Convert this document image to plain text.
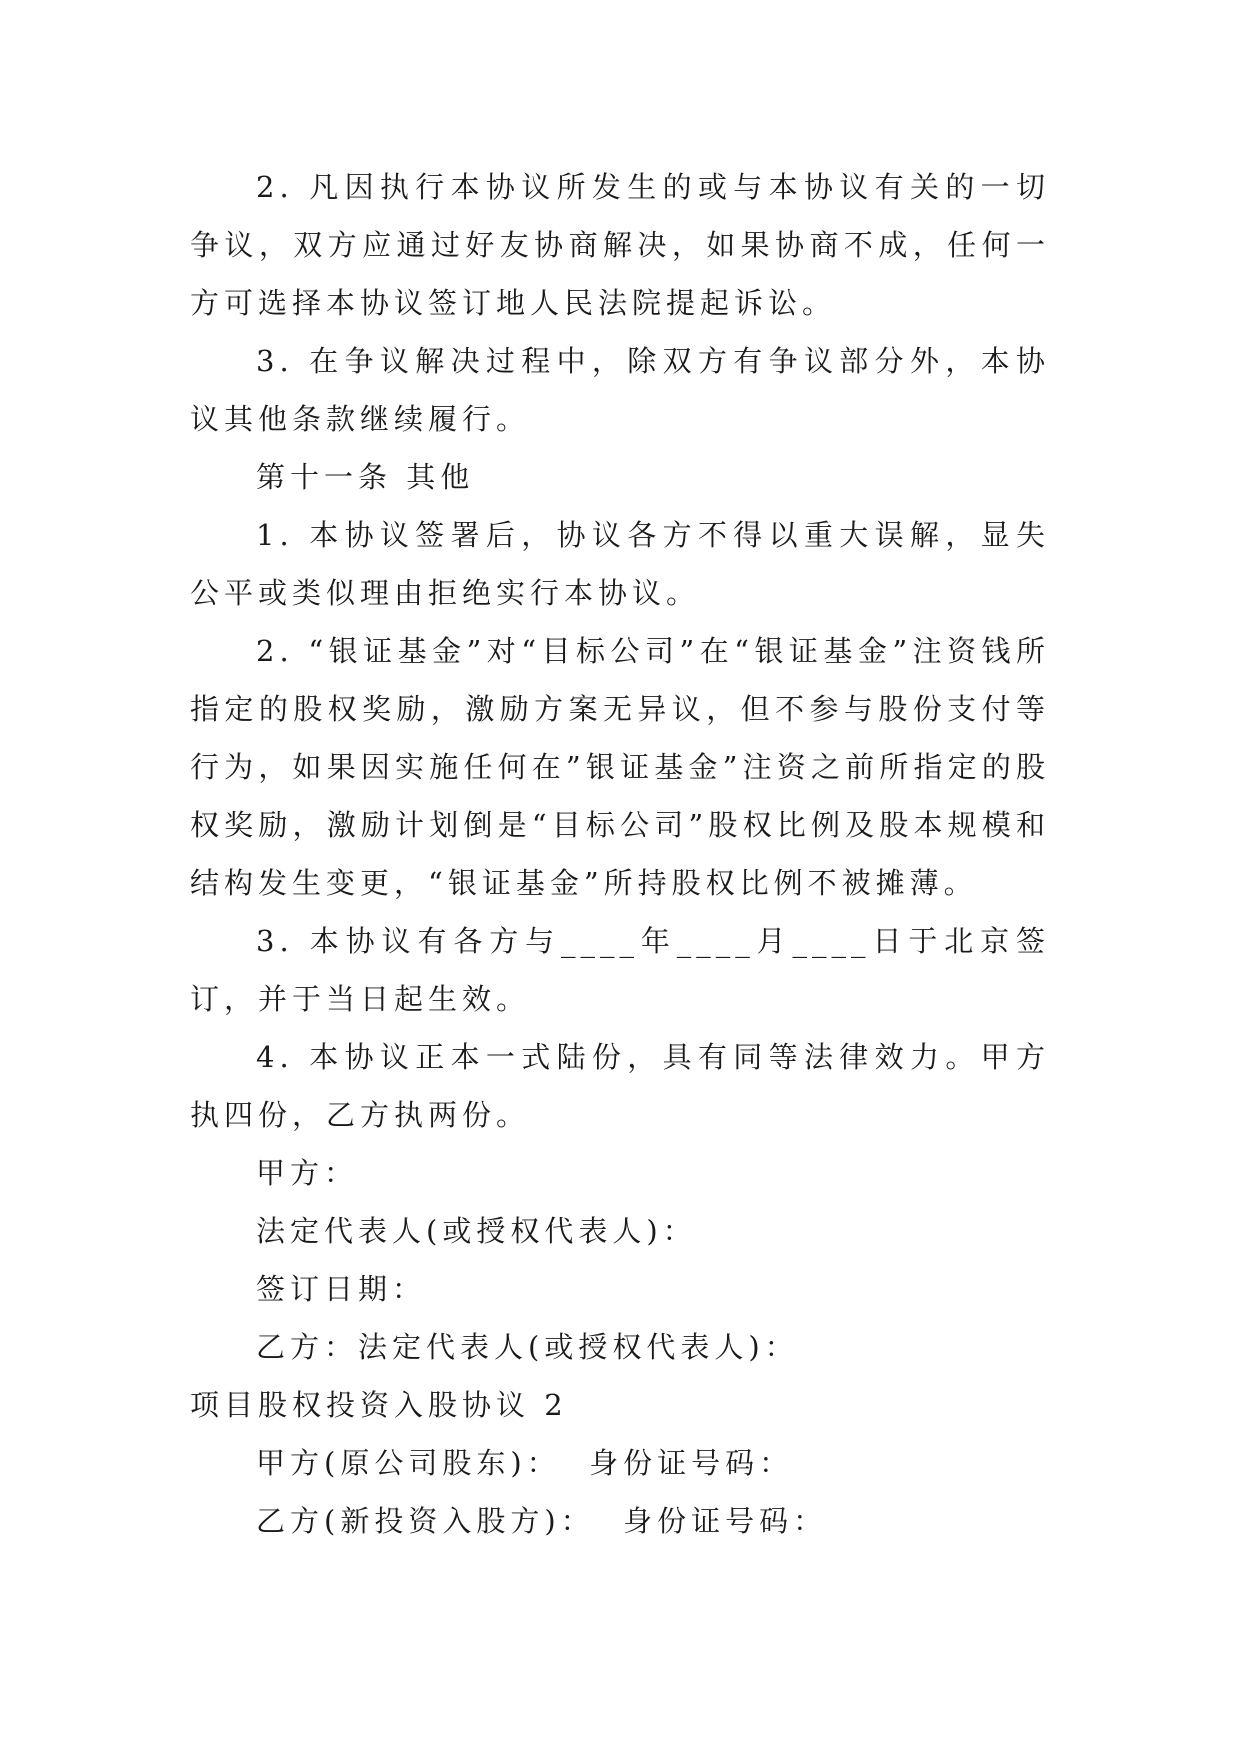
2. 凡因执行本协议所发生的或与本协议有关的一切争议，双方应通过好友协商解决，如果协商不成，任何一方可选择本协议签订地人民法院提起诉讼。

3. 在争议解决过程中，除双方有争议部分外，本协议其他条款继续履行。

第十一条 其他

1. 本协议签署后，协议各方不得以重大误解，显失公平或类似理由拒绝实行本协议。

2. “银证基金”对“目标公司”在“银证基金”注资钱所指定的股权奖励，激励方案无异议，但不参与股份支付等行为，如果因实施任何在”银证基金”注资之前所指定的股权奖励，激励计划倒是“目标公司”股权比例及股本规模和结构发生变更，“银证基金”所持股权比例不被摊薄。

3. 本协议有各方与____年____月____日于北京签订，并于当日起生效。

4. 本协议正本一式陆份，具有同等法律效力。甲方执四份，乙方执两份。

甲方：

法定代表人(或授权代表人)：

签订日期：

乙方：法定代表人(或授权代表人)：

项目股权投资入股协议 2

甲方(原公司股东)：  身份证号码：

乙方(新投资入股方)：  身份证号码：
